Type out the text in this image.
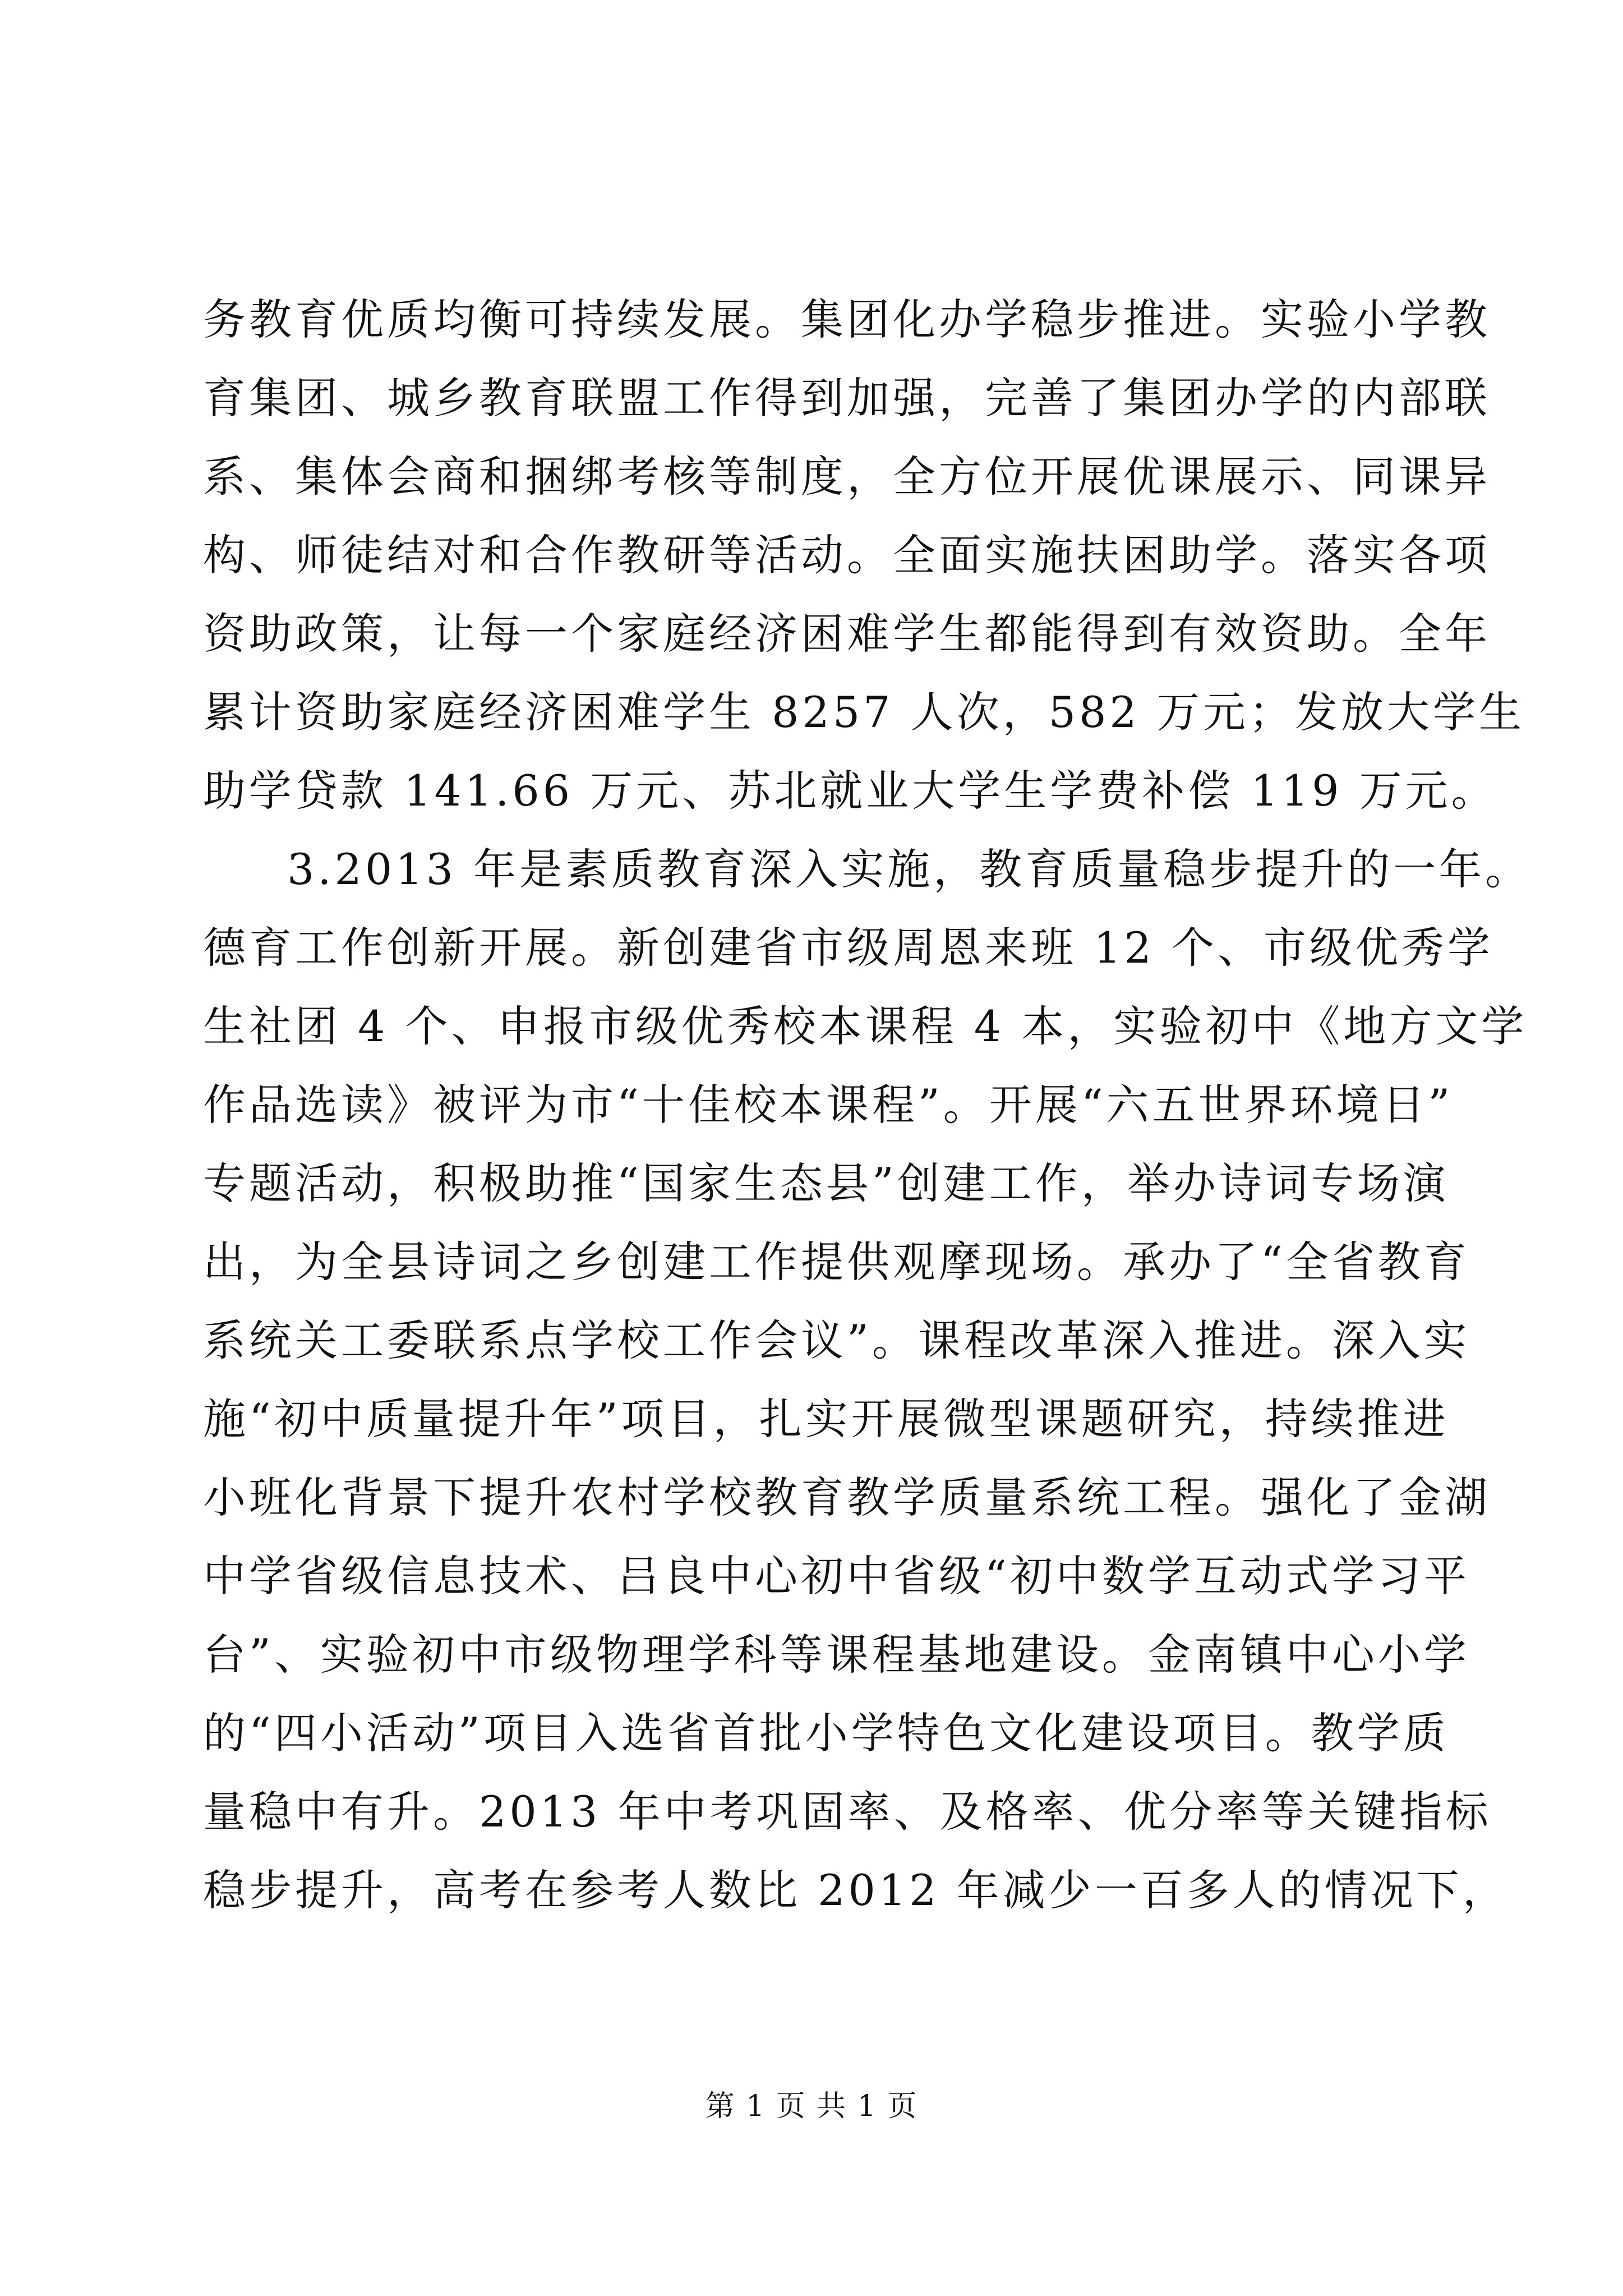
务教育优质均衡可持续发展。集团化办学稳步推进。实验小学教
育集团、城乡教育联盟工作得到加强，完善了集团办学的内部联
系、集体会商和捆绑考核等制度，全方位开展优课展示、同课异
构、师徒结对和合作教研等活动。全面实施扶困助学。落实各项
资助政策，让每一个家庭经济困难学生都能得到有效资助。全年
累计资助家庭经济困难学生 8257 人次，582 万元；发放大学生
助学贷款 141.66 万元、苏北就业大学生学费补偿 119 万元。
3.2013 年是素质教育深入实施，教育质量稳步提升的一年。
德育工作创新开展。新创建省市级周恩来班 12 个、市级优秀学
生社团 4 个、申报市级优秀校本课程 4 本，实验初中《地方文学
作品选读》被评为市“十佳校本课程”。开展“六五世界环境日”
专题活动，积极助推“国家生态县”创建工作，举办诗词专场演
出，为全县诗词之乡创建工作提供观摩现场。承办了“全省教育
系统关工委联系点学校工作会议”。课程改革深入推进。深入实
施“初中质量提升年”项目，扎实开展微型课题研究，持续推进
小班化背景下提升农村学校教育教学质量系统工程。强化了金湖
中学省级信息技术、吕良中心初中省级“初中数学互动式学习平
台”、实验初中市级物理学科等课程基地建设。金南镇中心小学
的“四小活动”项目入选省首批小学特色文化建设项目。教学质
量稳中有升。2013 年中考巩固率、及格率、优分率等关键指标
稳步提升，高考在参考人数比 2012 年减少一百多人的情况下，
第 1 页 共 1 页
